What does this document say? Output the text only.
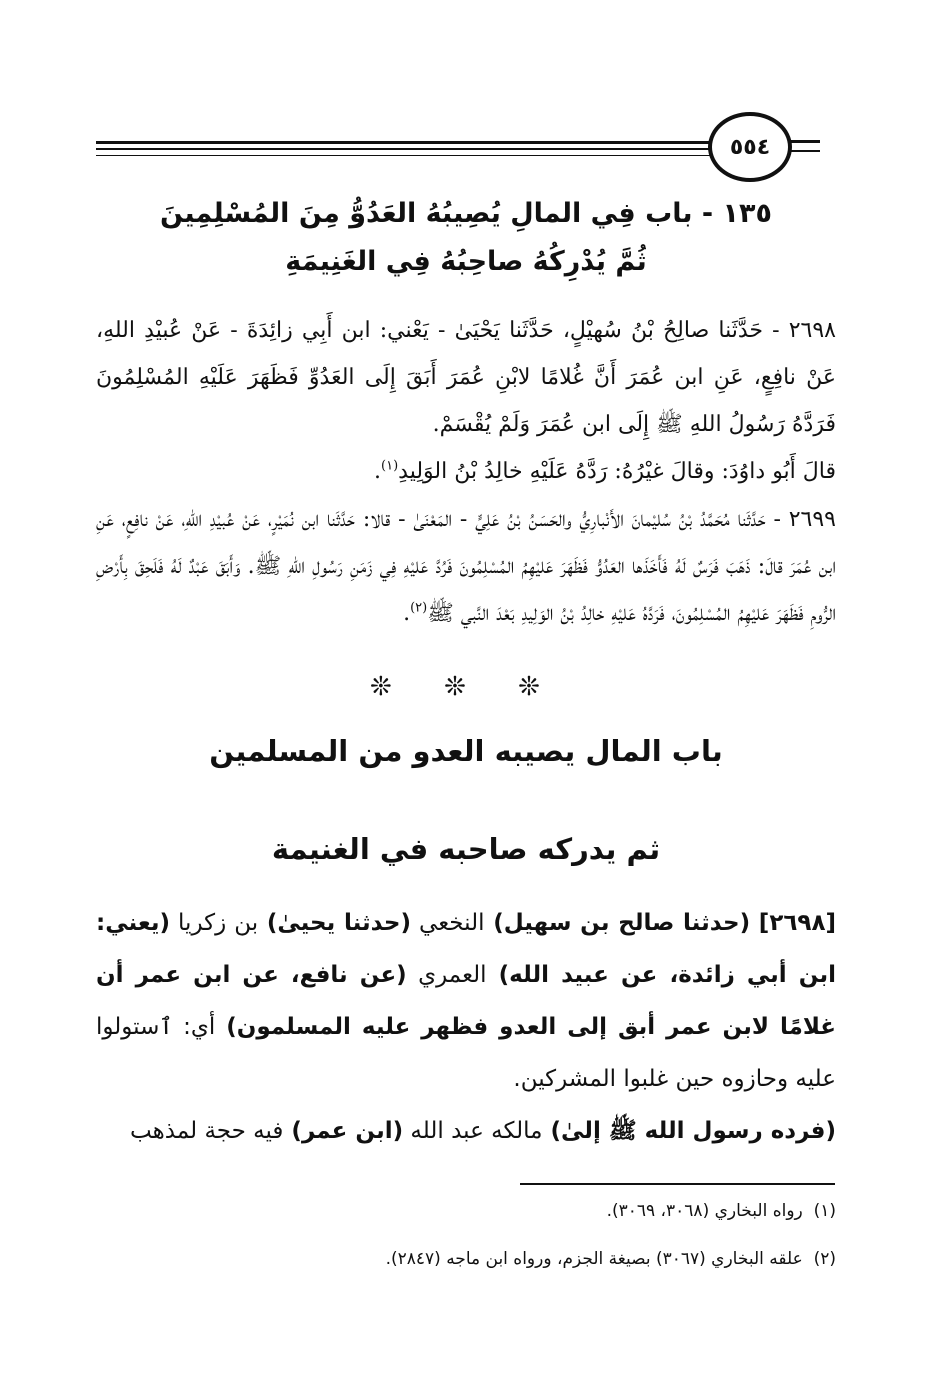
٥٥٤
١٣٥ - باب فِي المالِ يُصِيبُهُ العَدُوُّ مِنَ المُسْلِمِينَ
ثُمَّ يُدْرِكُهُ صاحِبُهُ فِي الغَنِيمَةِ
٢٦٩٨ - حَدَّثَنا صالِحُ بْنُ سُهيْلٍ، حَدَّثَنا يَحْيَىٰ - يَعْني: ابن أَبِي زائِدَةَ - عَنْ عُبيْدِ اللهِ، عَنْ نافِعٍ، عَنِ ابن عُمَرَ أَنَّ غُلامًا لابْنِ عُمَرَ أَبَقَ إِلَى العَدُوِّ فَظَهَرَ عَلَيْهِ المُسْلِمُونَ فَرَدَّهُ رَسُولُ اللهِ ﷺ إِلَى ابن عُمَرَ وَلَمْ يُقْسَمْ.
قالَ أَبُو داوُدَ: وقالَ غيْرُهُ: رَدَّهُ عَلَيْهِ خالِدُ بْنُ الوَلِيدِ$^{(١)}$.
٢٦٩٩ - حَدَّثَنا مُحَمَّدُ بْنُ سُليْمانَ الأَنْبارِيُّ والحَسَنُ بْنُ عَلِيٍّ - المَعْنَىٰ - قالا: حَدَّثَنا ابن نُمَيْرٍ، عَنْ عُبيْدِ اللهِ، عَنْ نافِعٍ، عَنِ ابن عُمَرَ قالَ: ذَهَبَ فَرَسٌ لَهُ فَأَخَذَها العَدُوُّ فَظَهَرَ عَليْهِمُ المُسْلِمُونَ فَرُدَّ عَليْهِ فِي زَمَنِ رَسُولِ اللهِ ﷺ. وَأَبَقَ عَبْدٌ لَهُ فَلَحِقَ بِأَرْضِ الرُّومِ فَظَهَرَ عَليْهِمُ المُسْلِمُونَ، فَرَدَّهُ عَليْهِ خالِدُ بْنُ الوَلِيدِ بَعْدَ النَّبي ﷺ$^{(٢)}$.
❊ ❊ ❊
باب المال يصيبه العدو من المسلمين
ثم يدركه صاحبه في الغنيمة
[٢٦٩٨] (حدثنا صالح بن سهيل) النخعي (حدثنا يحيىٰ) بن زكريا (يعني: ابن أبي زائدة، عن عبيد الله) العمري (عن نافع، عن ابن عمر أن غلامًا لابن عمر أبق إلى العدو فظهر عليه المسلمون) أي: ٱستولوا عليه وحازوه حين غلبوا المشركين.
(فرده رسول الله ﷺ إلىٰ) مالكه عبد الله (ابن عمر) فيه حجة لمذهب
(١)  رواه البخاري (٣٠٦٨، ٣٠٦٩).
(٢)  علقه البخاري (٣٠٦٧) بصيغة الجزم، ورواه ابن ماجه (٢٨٤٧).
